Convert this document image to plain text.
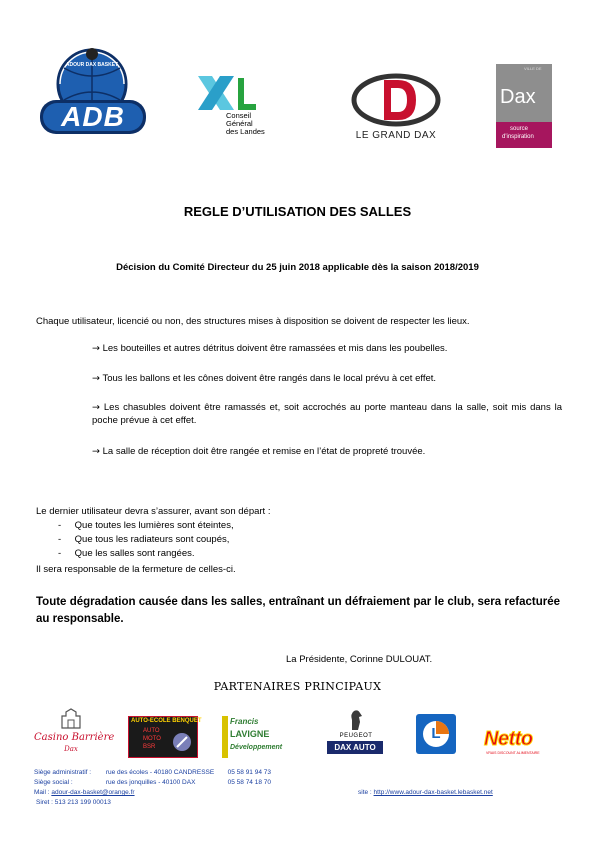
ADB
ADOUR DAX BASKET
Conseil
Général
des Landes	LE GRAND DAX
VILLE DE
Dax
source
d'inspiration
REGLE D’UTILISATION DES SALLES
Décision du Comité Directeur du 25 juin 2018 applicable dès la saison 2018/2019
Chaque utilisateur, licencié ou non, des structures mises à disposition se doivent de respecter les lieux.
→ Les bouteilles et autres détritus doivent être ramassées et mis dans les poubelles.
→ Tous les ballons et les cônes doivent être rangés dans le local prévu à cet effet.
→ Les chasubles doivent être ramassés et, soit accrochés au porte manteau dans la salle, soit mis dans la poche prévue à cet effet.
→ La salle de réception doit être rangée et remise en l’état de propreté trouvée.
Le dernier utilisateur devra s’assurer, avant son départ :
- Que toutes les lumières sont éteintes,
- Que tous les radiateurs sont coupés,
- Que les salles sont rangées.
Il sera responsable de la fermeture de celles-ci.
Toute dégradation causée dans les salles, entraînant un défraiement par le club, sera refacturée au responsable.
La Présidente, Corinne DULOUAT.
PARTENAIRES PRINCIPAUX
Casino Barrière
Dax
AUTO-ECOLE BENQUET
AUTO
MOTO
BSR
Francis
LAVIGNE
Développement
PEUGEOT
DAX AUTO
L	Netto
VRAIS DISCOUNT ALIMENTAIRE
Siège administratif : rue des écoles - 40180 CANDRESSE 05 58 91 94 73
Siège social :	rue des jonquilles - 40100 DAX	05 58 74 18 70
Mail : adour-dax-basket@orange.fr	site : http://www.adour-dax-basket.lebasket.net
Siret : 513 213 199 00013
